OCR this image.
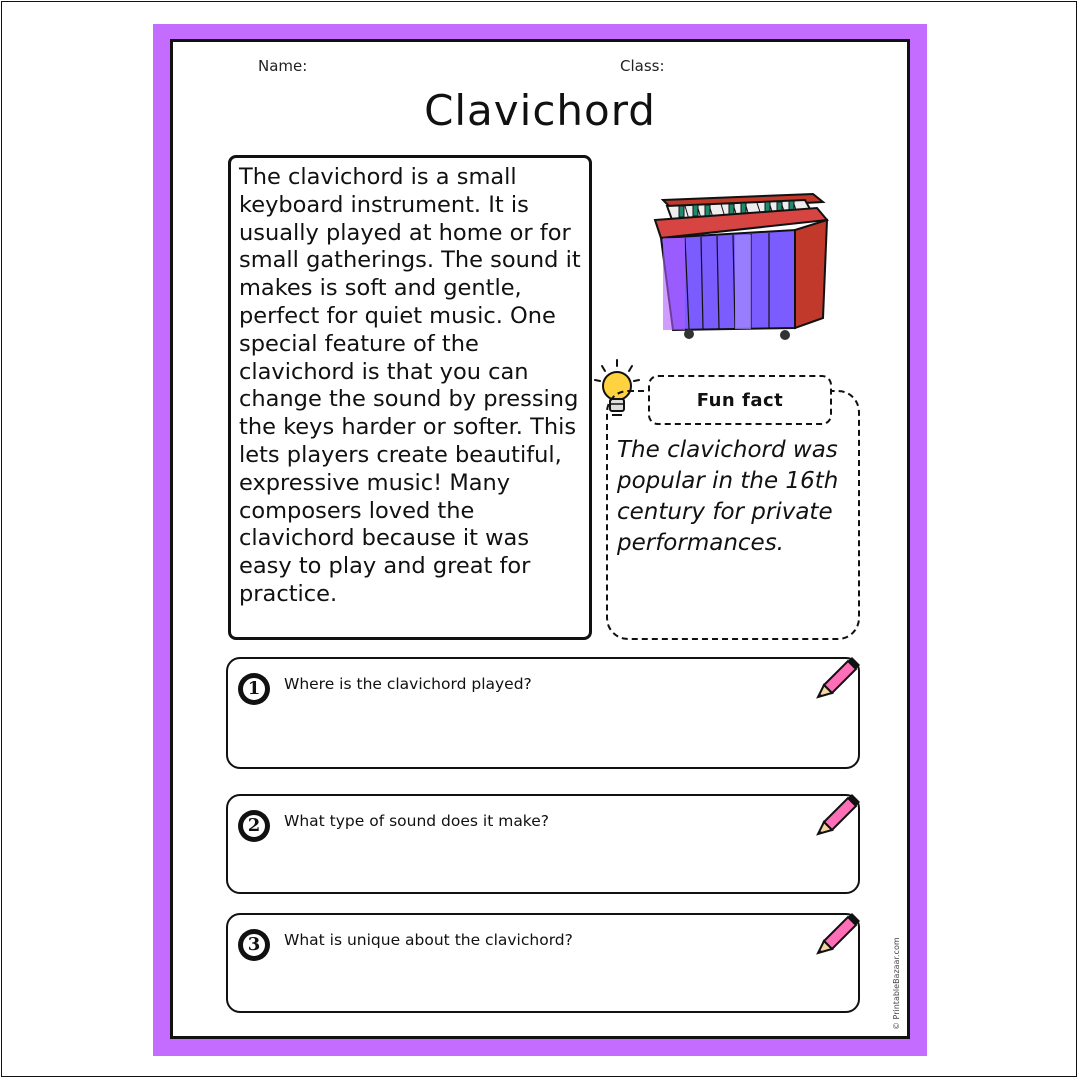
Name:	Class:
Clavichord
The clavichord is a small keyboard instrument. It is usually played at home or for small gatherings. The sound it makes is soft and gentle, perfect for quiet music. One special feature of the clavichord is that you can change the sound by pressing the keys harder or softer. This lets players create beautiful, expressive music! Many composers loved the clavichord because it was easy to play and great for practice.
Fun fact
The clavichord was popular in the 16th century for private performances.
1	Where is the clavichord played?
2	What type of sound does it make?
3	What is unique about the clavichord?	© PrintableBazaar.com
